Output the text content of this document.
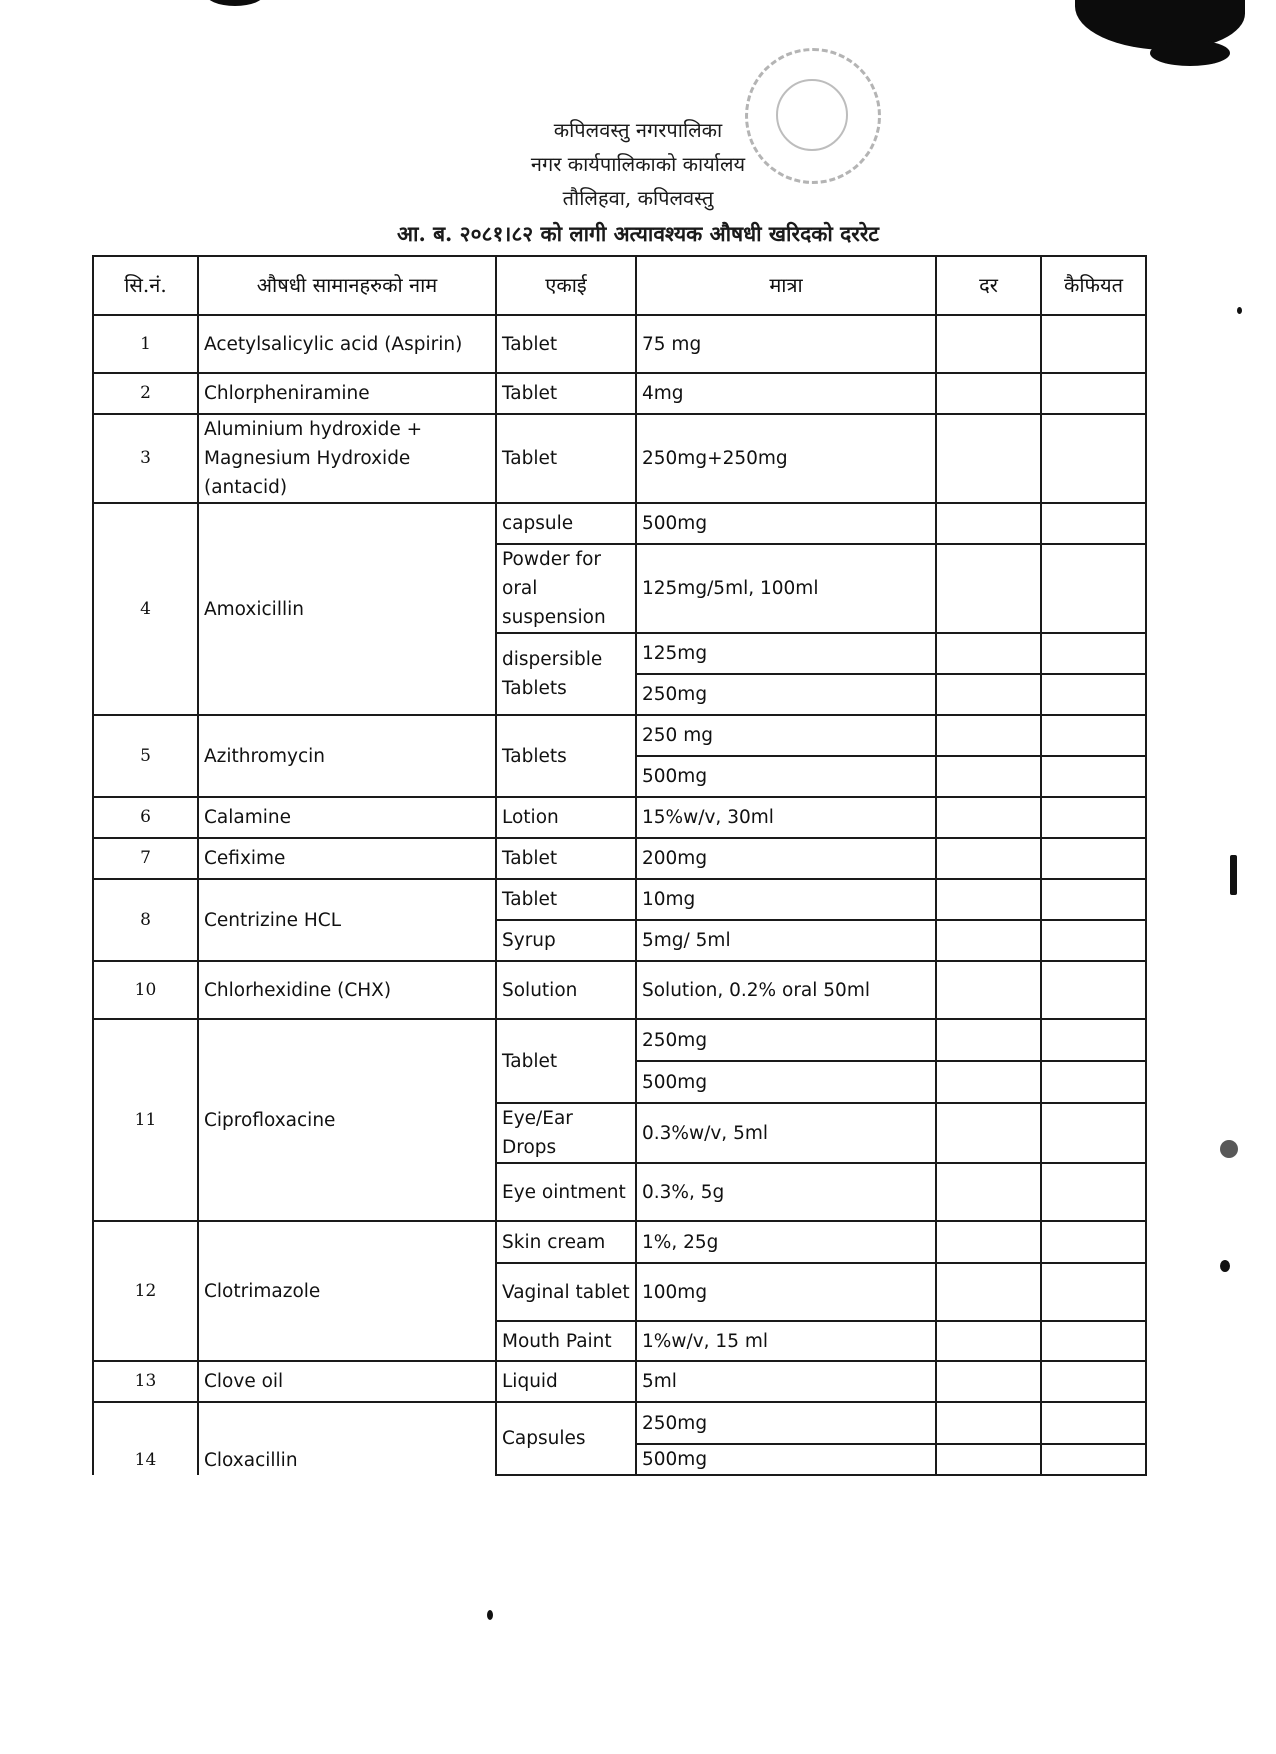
कपिलवस्तु नगरपालिका
नगर कार्यपालिकाको कार्यालय
तौलिहवा, कपिलवस्तु
आ. ब. २०८१।८२ को लागी अत्यावश्यक औषधी खरिदको दररेट
सि.नं.	औषधी सामानहरुको नाम	एकाई	मात्रा	दर	कैफियत
1	Acetylsalicylic acid (Aspirin)	Tablet	75 mg		
2	Chlorpheniramine	Tablet	4mg		
3	Aluminium hydroxide + Magnesium Hydroxide (antacid)	Tablet	250mg+250mg		
4	Amoxicillin	capsule	500mg		
		Powder for oral suspension	125mg/5ml, 100ml		
		dispersible Tablets	125mg		
			250mg		
5	Azithromycin	Tablets	250 mg		
			500mg		
6	Calamine	Lotion	15%w/v, 30ml		
7	Cefixime	Tablet	200mg		
8	Centrizine HCL	Tablet	10mg		
		Syrup	5mg/ 5ml		
10	Chlorhexidine (CHX)	Solution	Solution, 0.2% oral 50ml		
11	Ciprofloxacine	Tablet	250mg		
			500mg		
		Eye/Ear Drops	0.3%w/v, 5ml		
		Eye ointment	0.3%, 5g		
12	Clotrimazole	Skin cream	1%, 25g		
		Vaginal tablet	100mg		
		Mouth Paint	1%w/v, 15 ml		
13	Clove oil	Liquid	5ml		
14	Cloxacillin	Capsules	250mg		
			500mg		
